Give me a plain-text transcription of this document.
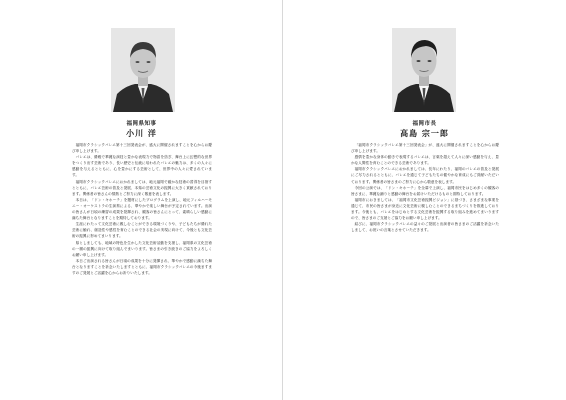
福岡県知事
小川 洋

福岡市クラシックバレエ第十三回発表会が、盛大に開催されますことを心からお慶び申し上げます。

バレエは、優雅で華麗な演技と豊かな表現力で物語を紡ぎ、舞台上に幻想的な世界をつくり出す芸術であり、長い歴史と伝統に培われたバレエの魅力は、多くの人々に感動を与えるとともに、心を豊かにする芸術として、世界中の人々に愛されています。

福岡市クラシックバレエにおかれましては、地元福岡で確かな技術の習得を目指すとともに、バレエ芸術の普及と発展、本県の芸術文化の振興に大きく貢献されております。関係者の皆さんの情熱とご努力に深く敬意を表します。

本日は、「ドン・キホーテ」を題材にしたプログラムを上演し、地元フィルハーモニー・オーケストラの生演奏による、華やかで楽しい舞台が予定されています。出演の皆さんが日頃の練習の成果を発揮され、観客の皆さんにとって、素晴らしい感動に満ちた舞台となりますことを期待しております。

生涯にわたって文化芸術に親しむことができる環境づくりや、子どもたちが優れた芸術に触れ、創造性や感性を育むことのできる社会の実現に向けて、今後とも文化芸術の振興に努めてまいります。

県としましても、地域の特色を生かした文化芸術活動を支援し、福岡県の文化芸術の一層の振興に向けて取り組んでまいります。皆さまの引き続きのご協力をよろしくお願い申し上げます。

本日ご出演される皆さんが日頃の成果を十分に発揮され、華やかで感動に満ちた舞台となりますことを祈念いたしますとともに、福岡市クラシックバレエの今後ますますのご発展とご活躍を心からお祈りいたします。

福岡市長
高島 宗一郎

「福岡市クラシックバレエ第十三回発表会」が、盛大に開催されますことを心からお慶び申し上げます。

感情を豊かな身体の動きで表現するバレエは、言葉を超えて人々に深い感動を与え、豊かな人間性を育むことのできる芸術であります。

福岡市クラシックバレエにおかれましては、長年にわたり、福岡のバレエの普及と発展にご尽力されるとともに、バレエを通じて子どもたちの健やかな育成にもご貢献いただいております。関係者の皆さまのご努力に心から敬意を表します。

今回の公演では、「ドン・キホーテ」を全幕で上演し、福岡市民をはじめ多くの観客の皆さまに、華麗な踊りと感動の舞台をお届けいただけるものと期待しております。

福岡市におきましては、「福岡市文化芸術振興ビジョン」に基づき、さまざまな事業を通じて、市民の皆さまが身近に文化芸術に親しむことのできるまちづくりを推進しております。今後とも、バレエをはじめとする文化芸術を振興する取り組みを進めてまいりますので、皆さまのご支援とご協力をお願い申し上げます。

結びに、福岡市クラシックバレエの益々のご発展と出演者の皆さまのご活躍を祈念いたしまして、お祝いの言葉とさせていただきます。
